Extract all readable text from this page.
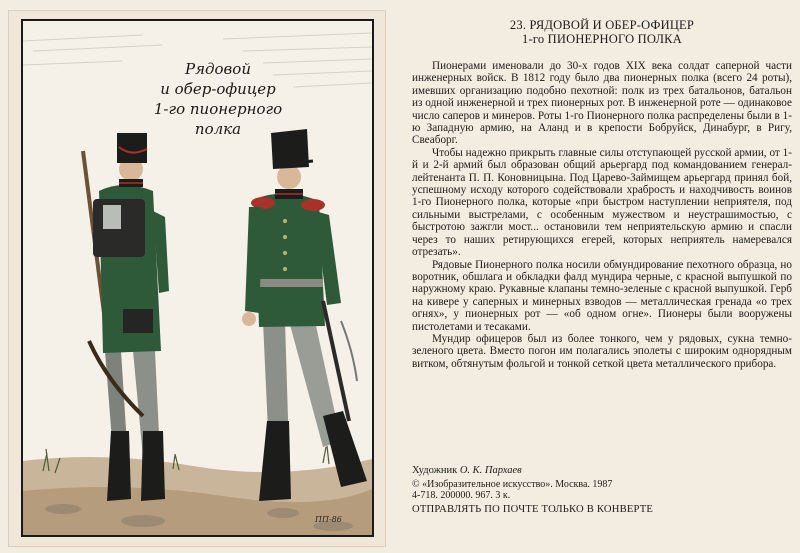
Рядовой
и обер-офицер
1-го пионерного
полка
ПП-86
23. РЯДОВОЙ И ОБЕР-ОФИЦЕР
1-го ПИОНЕРНОГО ПОЛКА

Пионерами именовали до 30-х годов XIX века солдат саперной части инженерных войск. В 1812 году было два пионерных полка (всего 24 роты), имевших организацию подобно пехотной: полк из трех батальонов, батальон из одной инженерной и трех пионерных рот. В инженерной роте — одинаковое число саперов и минеров. Роты 1-го Пионерного полка распределены были в 1-ю Западную армию, на Аланд и в крепости Бобруйск, Динабург, в Ригу, Свеаборг.

Чтобы надежно прикрыть главные силы отступающей русской армии, от 1-й и 2-й армий был образован общий арьергард под командованием генерал-лейтенанта П. П. Коновницына. Под Царево-Займищем арьергард принял бой, успешному исходу которого содействовали храбрость и находчивость воинов 1-го Пионерного полка, которые «при быстром наступлении неприятеля, под сильными выстрелами, с особенным мужеством и неустрашимостью, с быстротою зажгли мост... остановили тем неприятельскую армию и спасли через то наших ретирующихся егерей, которых неприятель намеревался отрезать».

Рядовые Пионерного полка носили обмундирование пехотного образца, но воротник, обшлага и обкладки фалд мундира черные, с красной выпушкой по наружному краю. Рукавные клапаны темно-зеленые с красной выпушкой. Герб на кивере у саперных и минерных взводов — металлическая гренада «о трех огнях», у пионерных рот — «об одном огне». Пионеры были вооружены пистолетами и тесаками.

Мундир офицеров был из более тонкого, чем у рядовых, сукна темно-зеленого цвета. Вместо погон им полагались эполеты с широким однорядным витком, обтянутым фольгой и тонкой сеткой цвета металлического прибора.

Художник О. К. Пархаев
© «Изобразительное искусство». Москва. 1987
4-718. 200000. 967. 3 к.
ОТПРАВЛЯТЬ ПО ПОЧТЕ ТОЛЬКО В КОНВЕРТЕ
